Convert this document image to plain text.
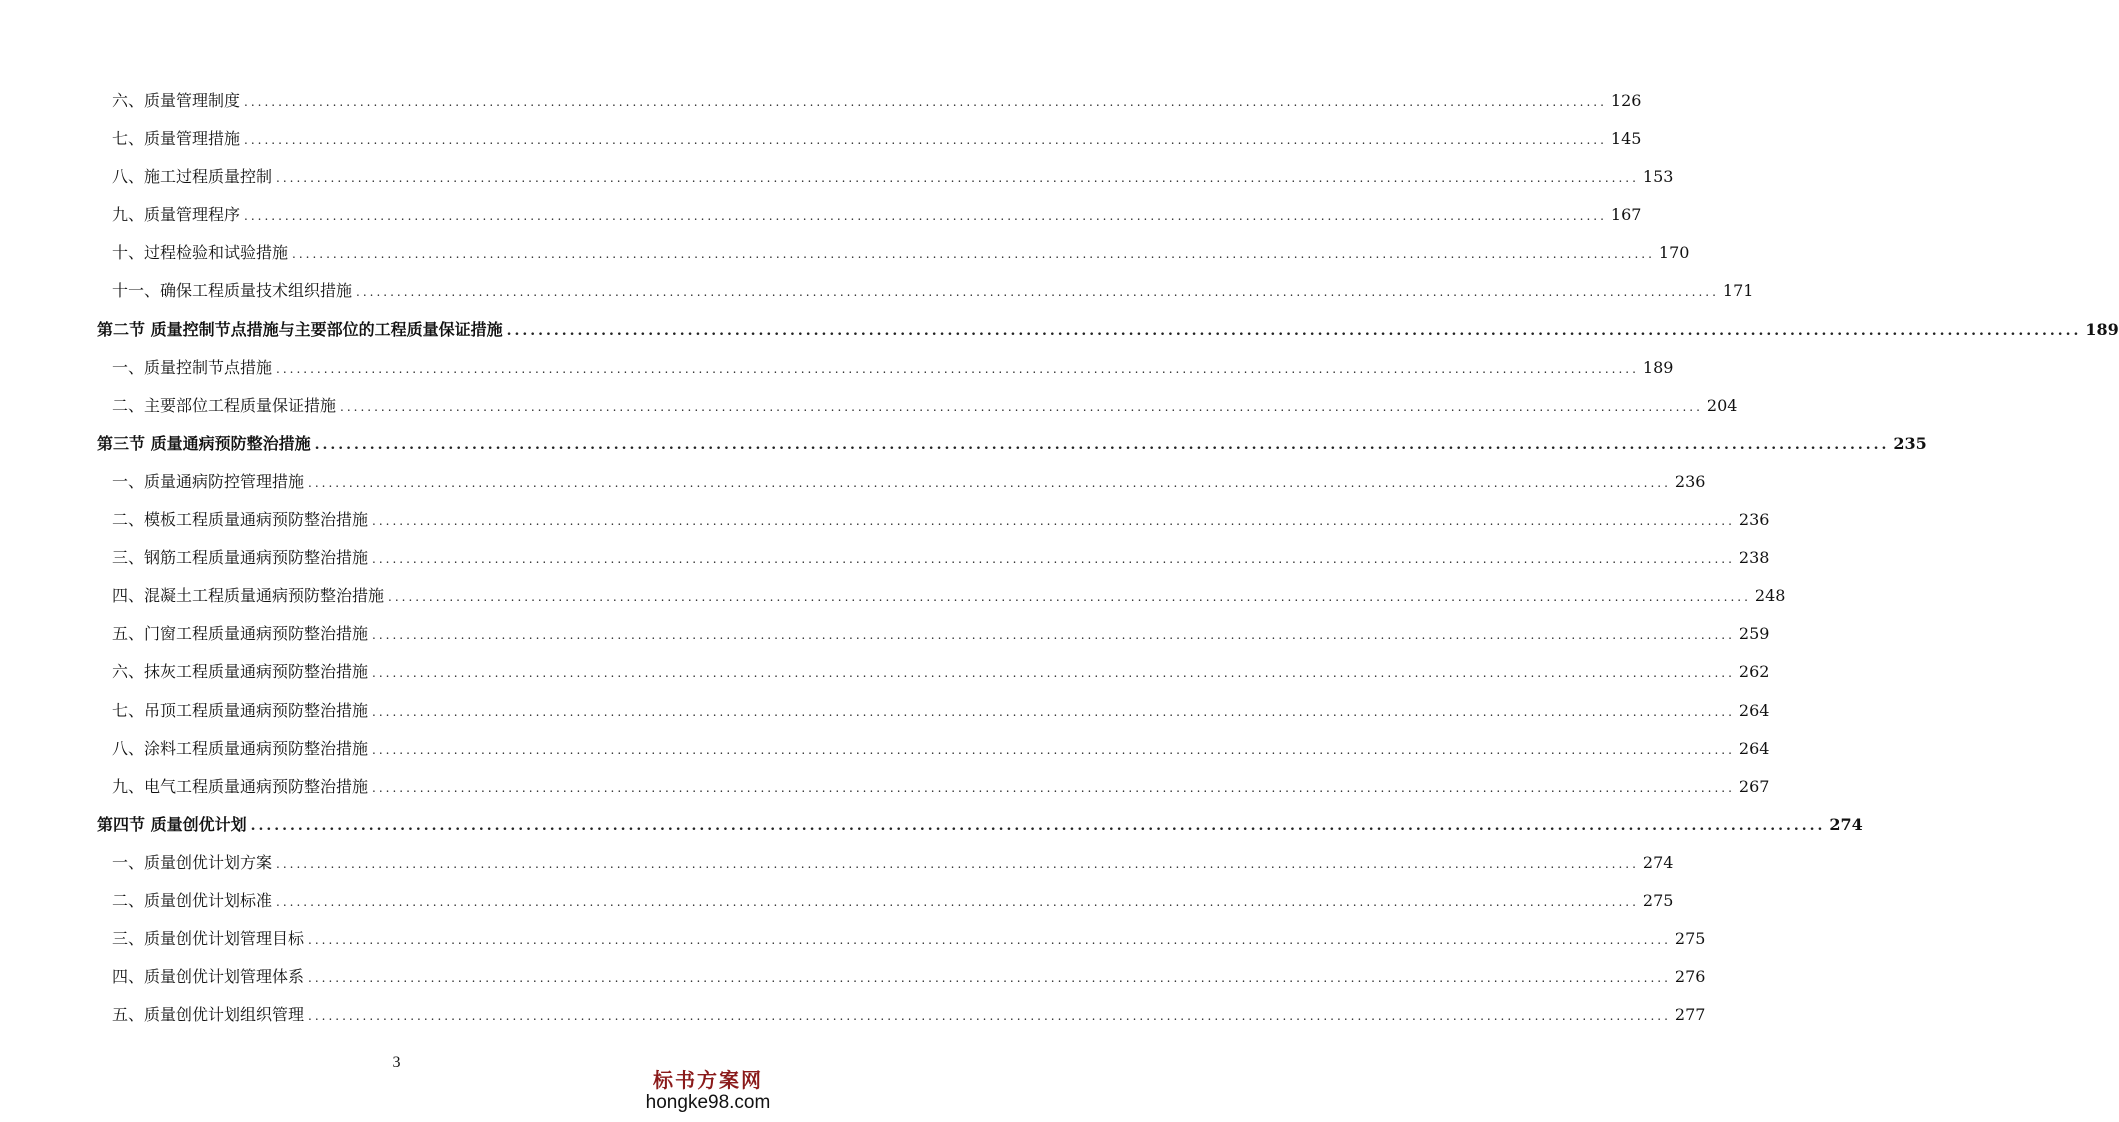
六、质量管理制度 ........................................................................................................................................................................................................ 126
七、质量管理措施 ........................................................................................................................................................................................................ 145
八、施工过程质量控制 ........................................................................................................................................................................................................ 153
九、质量管理程序 ........................................................................................................................................................................................................ 167
十、过程检验和试验措施 ........................................................................................................................................................................................................ 170
十一、确保工程质量技术组织措施 ........................................................................................................................................................................................................ 171
第二节 质量控制节点措施与主要部位的工程质量保证措施 ........................................................................................................................................................................................................ 189
一、质量控制节点措施 ........................................................................................................................................................................................................ 189
二、主要部位工程质量保证措施 ........................................................................................................................................................................................................ 204
第三节 质量通病预防整治措施 ........................................................................................................................................................................................................ 235
一、质量通病防控管理措施 ........................................................................................................................................................................................................ 236
二、模板工程质量通病预防整治措施 ........................................................................................................................................................................................................ 236
三、钢筋工程质量通病预防整治措施 ........................................................................................................................................................................................................ 238
四、混凝土工程质量通病预防整治措施 ........................................................................................................................................................................................................ 248
五、门窗工程质量通病预防整治措施 ........................................................................................................................................................................................................ 259
六、抹灰工程质量通病预防整治措施 ........................................................................................................................................................................................................ 262
七、吊顶工程质量通病预防整治措施 ........................................................................................................................................................................................................ 264
八、涂料工程质量通病预防整治措施 ........................................................................................................................................................................................................ 264
九、电气工程质量通病预防整治措施 ........................................................................................................................................................................................................ 267
第四节 质量创优计划 ........................................................................................................................................................................................................ 274
一、质量创优计划方案 ........................................................................................................................................................................................................ 274
二、质量创优计划标准 ........................................................................................................................................................................................................ 275
三、质量创优计划管理目标 ........................................................................................................................................................................................................ 275
四、质量创优计划管理体系 ........................................................................................................................................................................................................ 276
五、质量创优计划组织管理 ........................................................................................................................................................................................................ 277
3
标书方案网
hongke98.com
